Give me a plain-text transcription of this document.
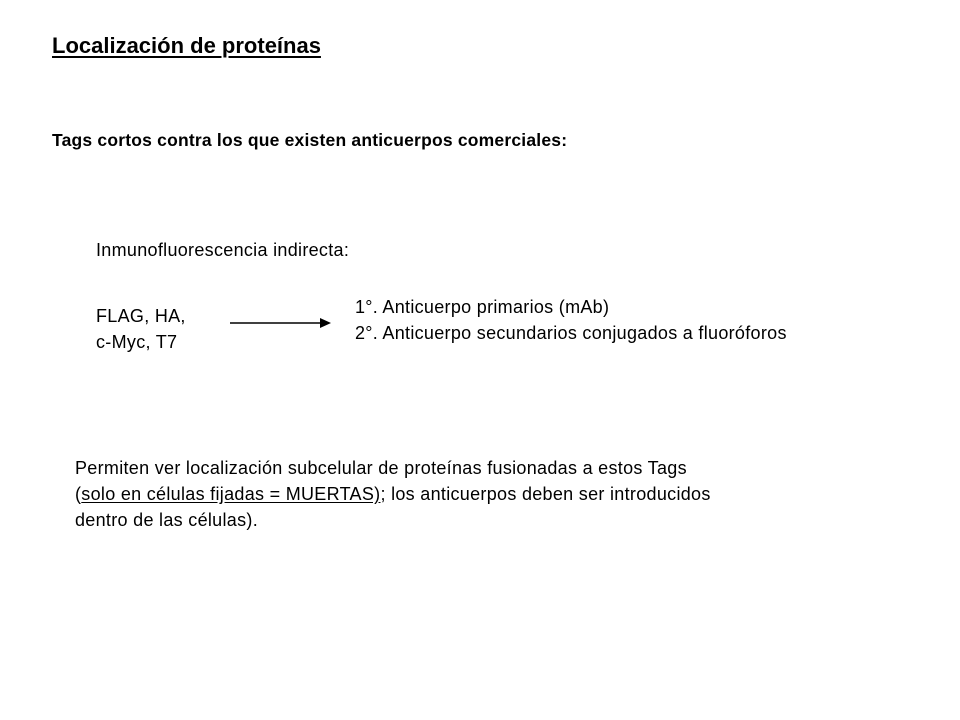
Localización de proteínas
Tags cortos contra los que existen anticuerpos comerciales:
Inmunofluorescencia indirecta:
FLAG, HA,
c-Myc, T7
1°. Anticuerpo primarios (mAb)
2°. Anticuerpo secundarios conjugados a fluoróforos
Permiten ver localización subcelular de proteínas fusionadas a estos Tags
(solo en células fijadas = MUERTAS); los anticuerpos deben ser introducidos
dentro de las células).
